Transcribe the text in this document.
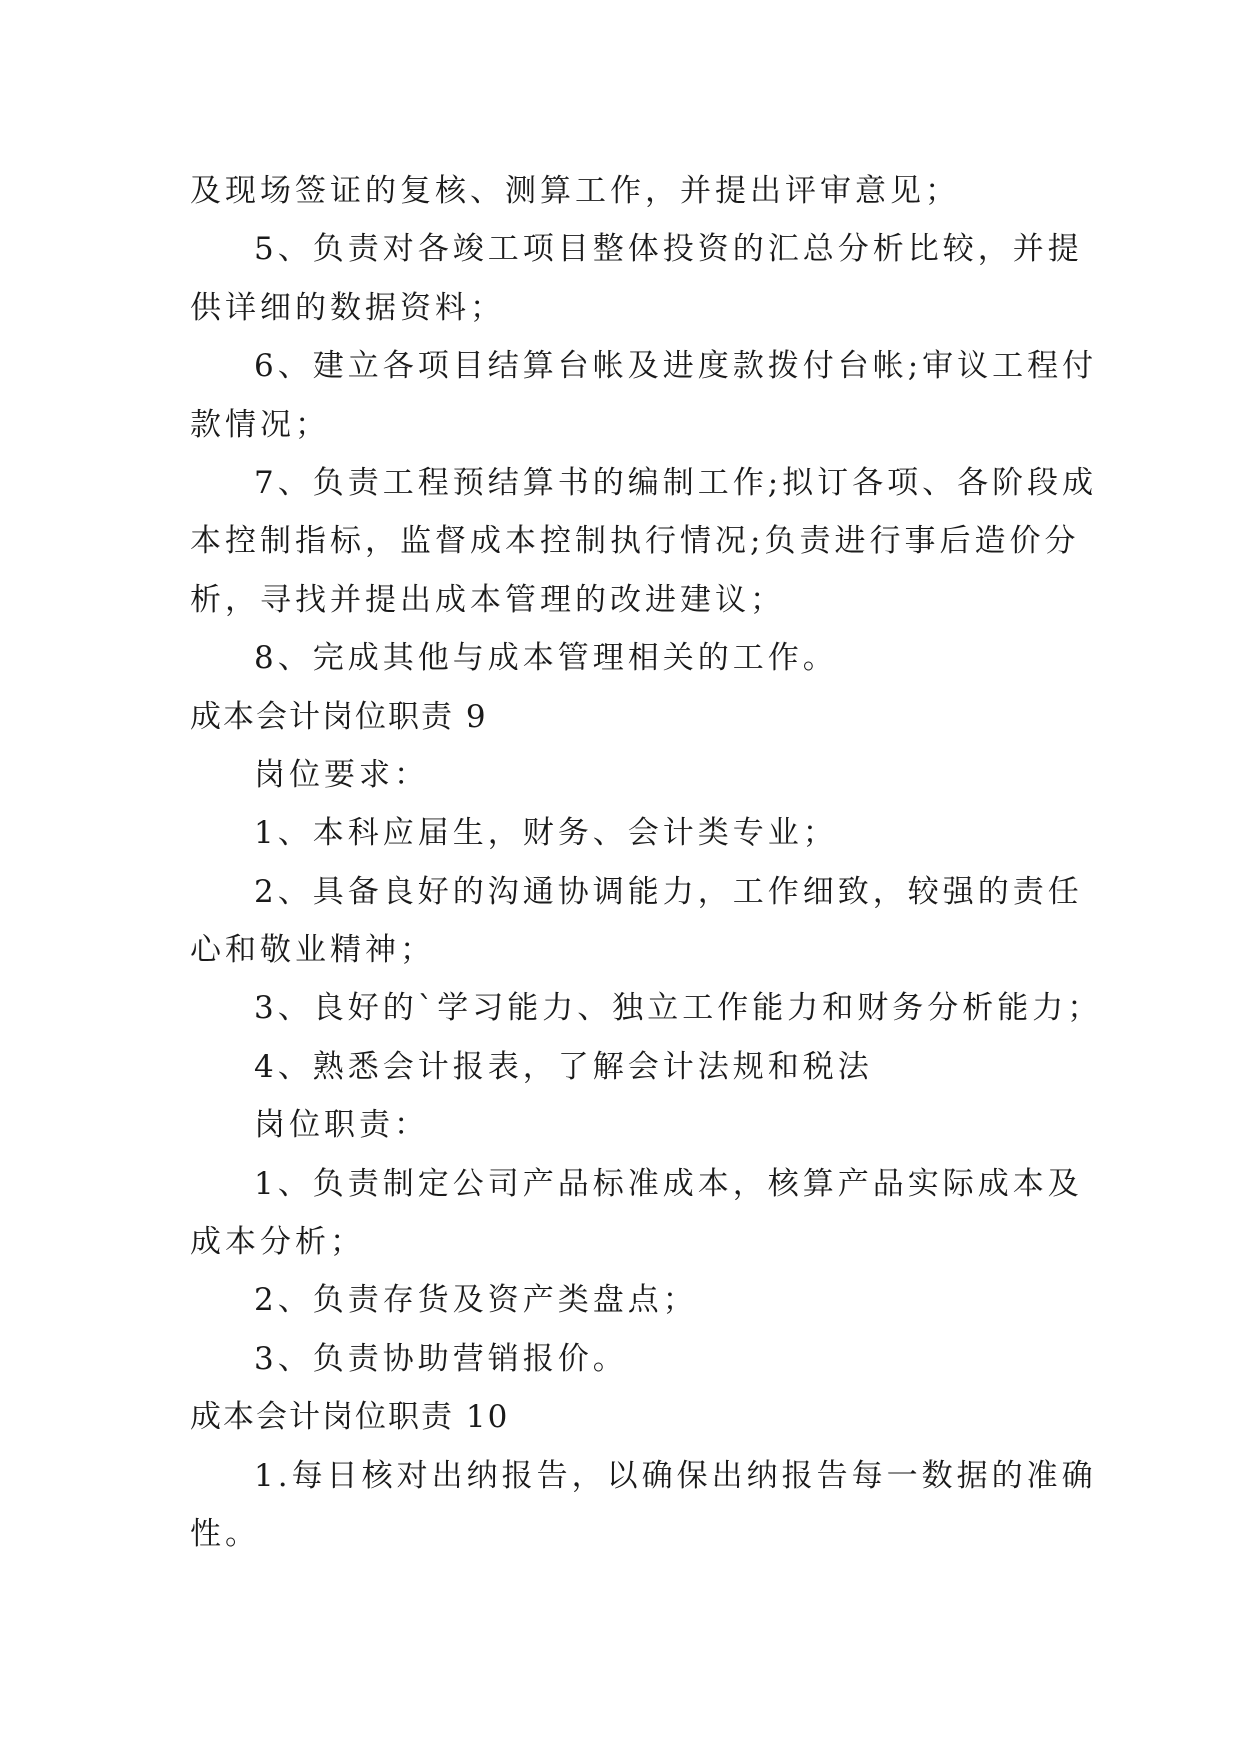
及现场签证的复核、测算工作，并提出评审意见；
5、负责对各竣工项目整体投资的汇总分析比较，并提
供详细的数据资料；
6、建立各项目结算台帐及进度款拨付台帐;审议工程付
款情况；
7、负责工程预结算书的编制工作;拟订各项、各阶段成
本控制指标，监督成本控制执行情况;负责进行事后造价分
析，寻找并提出成本管理的改进建议；
8、完成其他与成本管理相关的工作。
成本会计岗位职责 9
岗位要求：
1、本科应届生，财务、会计类专业；
2、具备良好的沟通协调能力，工作细致，较强的责任
心和敬业精神；
3、良好的`学习能力、独立工作能力和财务分析能力；
4、熟悉会计报表，了解会计法规和税法
岗位职责：
1、负责制定公司产品标准成本，核算产品实际成本及
成本分析；
2、负责存货及资产类盘点；
3、负责协助营销报价。
成本会计岗位职责 10
1.每日核对出纳报告，以确保出纳报告每一数据的准确
性。
